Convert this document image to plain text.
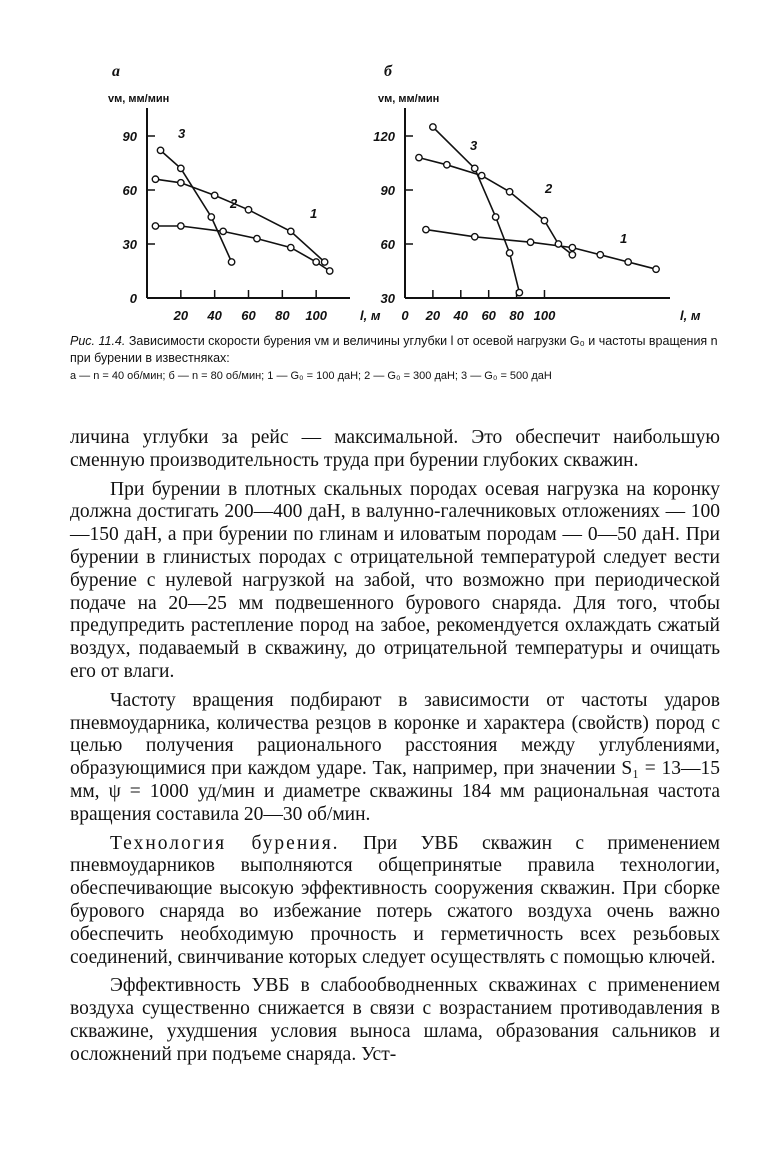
а
vм, мм/мин
б
vм, мм/мин
0
30
60
90
20 40 60 80 100	l, м
1
2
3
30
60
90
120
0 20 40 60 80 100	l, м
1
2
3
Рис. 11.4. Зависимости скорости бурения vм и величины углубки l от осевой нагрузки G₀ и частоты вращения n при бурении в известняках:
а — n = 40 об/мин; б — n = 80 об/мин; 1 — G₀ = 100 даН; 2 — G₀ = 300 даН; 3 — G₀ = 500 даН

личина углубки за рейс — максимальной. Это обеспечит наибольшую сменную производительность труда при бурении глубоких скважин.

При бурении в плотных скальных породах осевая нагрузка на коронку должна достигать 200—400 даН, в валунно-галечниковых отложениях — 100—150 даН, а при бурении по глинам и иловатым породам — 0—50 даН. При бурении в глинистых породах с отрицательной температурой следует вести бурение с нулевой нагрузкой на забой, что возможно при периодической подаче на 20—25 мм подвешенного бурового снаряда. Для того, чтобы предупредить растепление пород на забое, рекомендуется охлаждать сжатый воздух, подаваемый в скважину, до отрицательной температуры и очищать его от влаги.

Частоту вращения подбирают в зависимости от частоты ударов пневмоударника, количества резцов в коронке и характера (свойств) пород с целью получения рационального расстояния между углублениями, образующимися при каждом ударе. Так, например, при значении S₁ = 13—15 мм, ψ = 1000 уд/мин и диаметре скважины 184 мм рациональная частота вращения составила 20—30 об/мин.

Технология бурения. При УВБ скважин с применением пневмоударников выполняются общепринятые правила технологии, обеспечивающие высокую эффективность сооружения скважин. При сборке бурового снаряда во избежание потерь сжатого воздуха очень важно обеспечить необходимую прочность и герметичность всех резьбовых соединений, свинчивание которых следует осуществлять с помощью ключей.

Эффективность УВБ в слабообводненных скважинах с применением воздуха существенно снижается в связи с возрастанием противодавления в скважине, ухудшения условия выноса шлама, образования сальников и осложнений при подъеме снаряда. Уст-
